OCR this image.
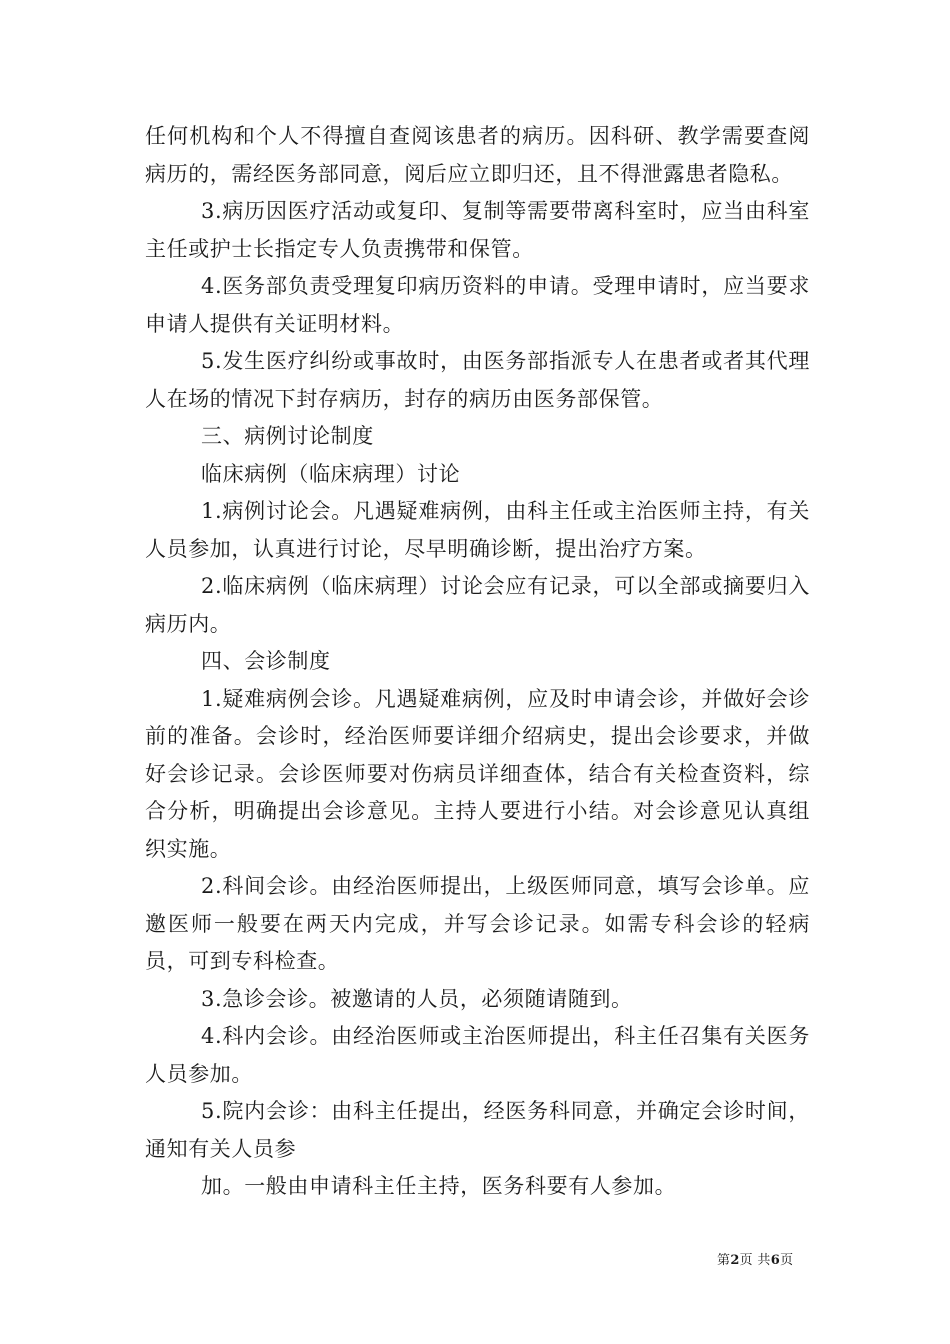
任何机构和个人不得擅自查阅该患者的病历。因科研、教学需要查阅病历的，需经医务部同意，阅后应立即归还，且不得泄露患者隐私。

3.病历因医疗活动或复印、复制等需要带离科室时，应当由科室主任或护士长指定专人负责携带和保管。

4.医务部负责受理复印病历资料的申请。受理申请时，应当要求申请人提供有关证明材料。

5.发生医疗纠纷或事故时，由医务部指派专人在患者或者其代理人在场的情况下封存病历，封存的病历由医务部保管。

三、病例讨论制度

临床病例（临床病理）讨论

1.病例讨论会。凡遇疑难病例，由科主任或主治医师主持，有关人员参加，认真进行讨论，尽早明确诊断，提出治疗方案。

2.临床病例（临床病理）讨论会应有记录，可以全部或摘要归入病历内。

四、会诊制度

1.疑难病例会诊。凡遇疑难病例，应及时申请会诊，并做好会诊前的准备。会诊时，经治医师要详细介绍病史，提出会诊要求，并做好会诊记录。会诊医师要对伤病员详细查体，结合有关检查资料，综合分析，明确提出会诊意见。主持人要进行小结。对会诊意见认真组织实施。

2.科间会诊。由经治医师提出，上级医师同意，填写会诊单。应邀医师一般要在两天内完成，并写会诊记录。如需专科会诊的轻病员，可到专科检查。

3.急诊会诊。被邀请的人员，必须随请随到。

4.科内会诊。由经治医师或主治医师提出，科主任召集有关医务人员参加。

5.院内会诊：由科主任提出，经医务科同意，并确定会诊时间，通知有关人员参

加。一般由申请科主任主持，医务科要有人参加。

第2页 共6页
